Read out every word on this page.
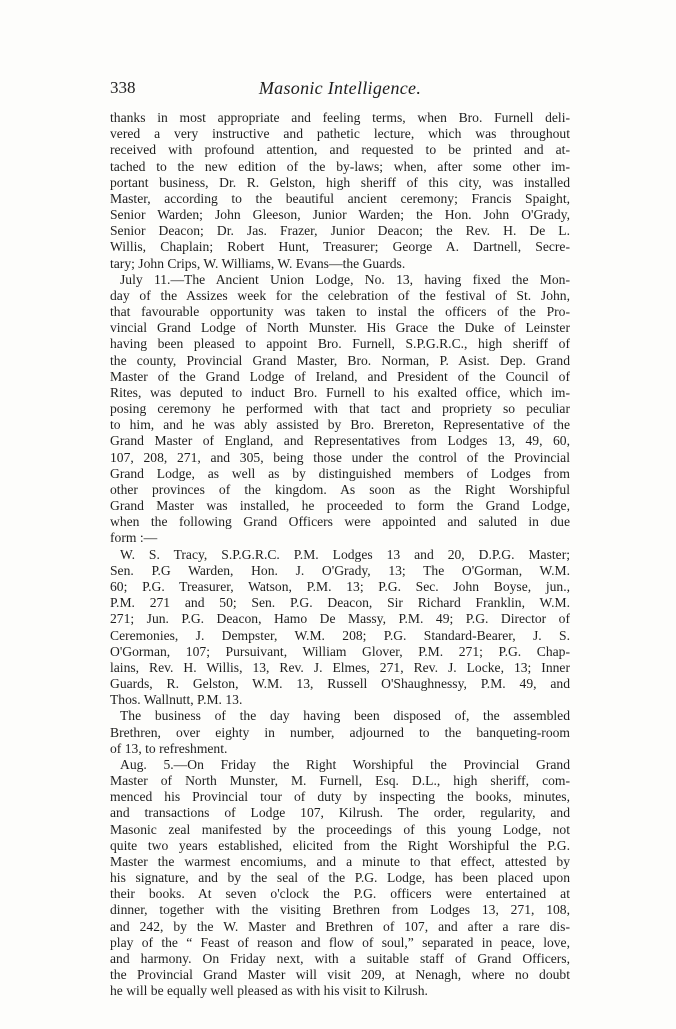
338	Masonic Intelligence.
thanks in most appropriate and feeling terms, when Bro. Furnell deli-
vered a very instructive and pathetic lecture, which was throughout
received with profound attention, and requested to be printed and at-
tached to the new edition of the by-laws; when, after some other im-
portant business, Dr. R. Gelston, high sheriff of this city, was installed
Master, according to the beautiful ancient ceremony; Francis Spaight,
Senior Warden; John Gleeson, Junior Warden; the Hon. John O'Grady,
Senior Deacon; Dr. Jas. Frazer, Junior Deacon; the Rev. H. De L.
Willis, Chaplain; Robert Hunt, Treasurer; George A. Dartnell, Secre-
tary; John Crips, W. Williams, W. Evans—the Guards.
July 11.—The Ancient Union Lodge, No. 13, having fixed the Mon-
day of the Assizes week for the celebration of the festival of St. John,
that favourable opportunity was taken to instal the officers of the Pro-
vincial Grand Lodge of North Munster. His Grace the Duke of Leinster
having been pleased to appoint Bro. Furnell, S.P.G.R.C., high sheriff of
the county, Provincial Grand Master, Bro. Norman, P. Asist. Dep. Grand
Master of the Grand Lodge of Ireland, and President of the Council of
Rites, was deputed to induct Bro. Furnell to his exalted office, which im-
posing ceremony he performed with that tact and propriety so peculiar
to him, and he was ably assisted by Bro. Brereton, Representative of the
Grand Master of England, and Representatives from Lodges 13, 49, 60,
107, 208, 271, and 305, being those under the control of the Provincial
Grand Lodge, as well as by distinguished members of Lodges from
other provinces of the kingdom. As soon as the Right Worshipful
Grand Master was installed, he proceeded to form the Grand Lodge,
when the following Grand Officers were appointed and saluted in due
form :—
W. S. Tracy, S.P.G.R.C. P.M. Lodges 13 and 20, D.P.G. Master;
Sen. P.G Warden, Hon. J. O'Grady, 13; The O'Gorman, W.M.
60; P.G. Treasurer, Watson, P.M. 13; P.G. Sec. John Boyse, jun.,
P.M. 271 and 50; Sen. P.G. Deacon, Sir Richard Franklin, W.M.
271; Jun. P.G. Deacon, Hamo De Massy, P.M. 49; P.G. Director of
Ceremonies, J. Dempster, W.M. 208; P.G. Standard-Bearer, J. S.
O'Gorman, 107; Pursuivant, William Glover, P.M. 271; P.G. Chap-
lains, Rev. H. Willis, 13, Rev. J. Elmes, 271, Rev. J. Locke, 13; Inner
Guards, R. Gelston, W.M. 13, Russell O'Shaughnessy, P.M. 49, and
Thos. Wallnutt, P.M. 13.
The business of the day having been disposed of, the assembled
Brethren, over eighty in number, adjourned to the banqueting-room
of 13, to refreshment.
Aug. 5.—On Friday the Right Worshipful the Provincial Grand
Master of North Munster, M. Furnell, Esq. D.L., high sheriff, com-
menced his Provincial tour of duty by inspecting the books, minutes,
and transactions of Lodge 107, Kilrush. The order, regularity, and
Masonic zeal manifested by the proceedings of this young Lodge, not
quite two years established, elicited from the Right Worshipful the P.G.
Master the warmest encomiums, and a minute to that effect, attested by
his signature, and by the seal of the P.G. Lodge, has been placed upon
their books. At seven o'clock the P.G. officers were entertained at
dinner, together with the visiting Brethren from Lodges 13, 271, 108,
and 242, by the W. Master and Brethren of 107, and after a rare dis-
play of the “ Feast of reason and flow of soul,” separated in peace, love,
and harmony. On Friday next, with a suitable staff of Grand Officers,
the Provincial Grand Master will visit 209, at Nenagh, where no doubt
he will be equally well pleased as with his visit to Kilrush.
